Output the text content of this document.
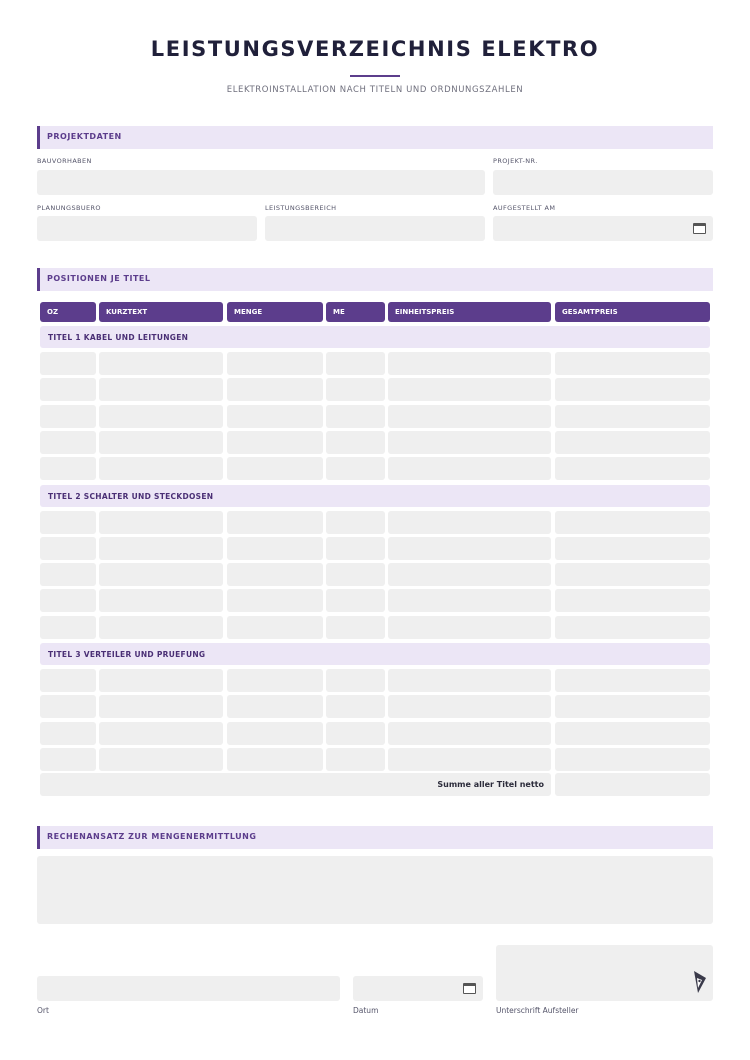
LEISTUNGSVERZEICHNIS ELEKTRO
ELEKTROINSTALLATION NACH TITELN UND ORDNUNGSZAHLEN
PROJEKTDATEN
BAUVORHABEN	PROJEKT-NR.
PLANUNGSBUERO	LEISTUNGSBEREICH	AUFGESTELLT AM
POSITIONEN JE TITEL
OZ	KURZTEXT	MENGE	ME	EINHEITSPREIS	GESAMTPREIS
TITEL 1 KABEL UND LEITUNGEN
TITEL 2 SCHALTER UND STECKDOSEN
TITEL 3 VERTEILER UND PRUEFUNG
Summe aller Titel netto
RECHENANSATZ ZUR MENGENERMITTLUNG
Ort	Datum	Unterschrift Aufsteller
